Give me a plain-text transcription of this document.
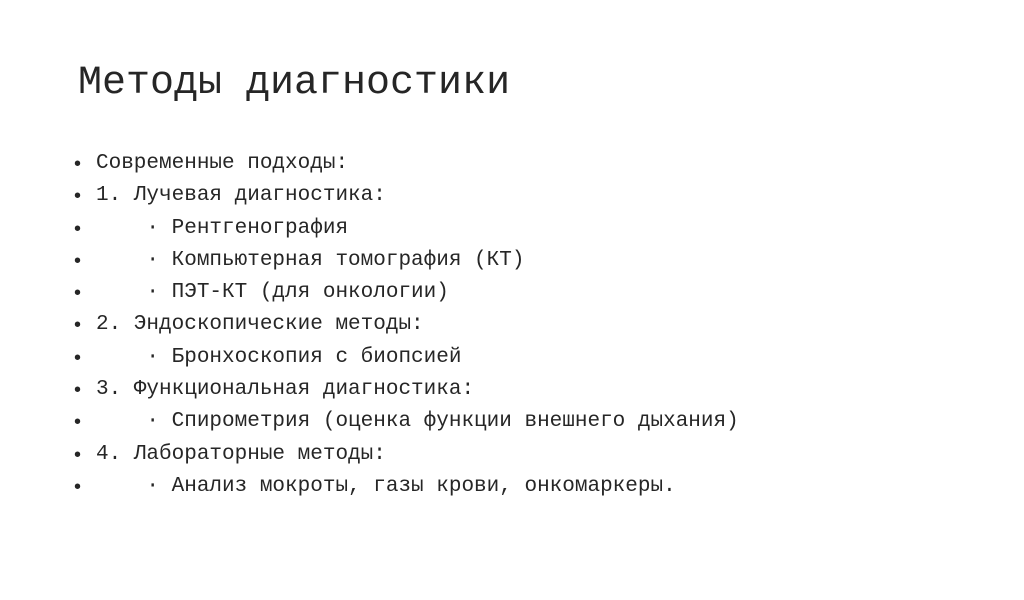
Методы диагностики

•

Современные подходы:

•

1. Лучевая диагностика:

•

· Рентгенография

•

· Компьютерная томография (КТ)

•

· ПЭТ-КТ (для онкологии)

•

2. Эндоскопические методы:

•

· Бронхоскопия с биопсией

•

3. Функциональная диагностика:

•

· Спирометрия (оценка функции внешнего дыхания)

•

4. Лабораторные методы:

•

· Анализ мокроты, газы крови, онкомаркеры.
